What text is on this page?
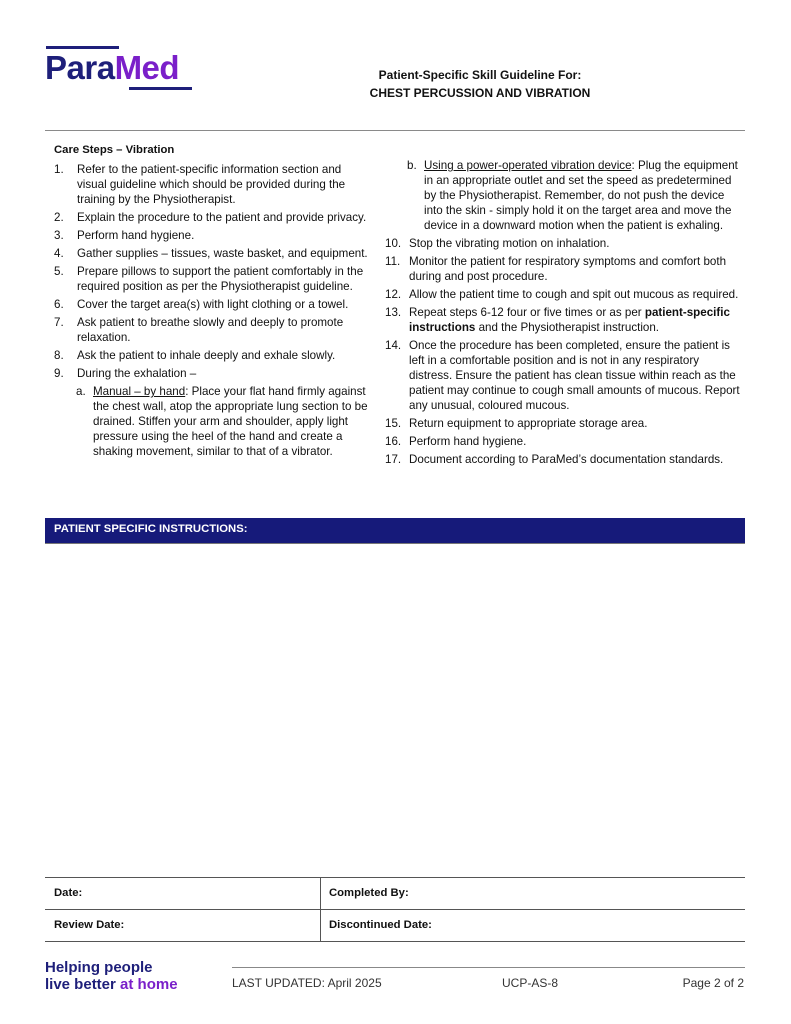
ParaMed	Patient-Specific Skill Guideline For:
CHEST PERCUSSION AND VIBRATION
Care Steps – Vibration
1.	Refer to the patient-specific information section and visual guideline which should be provided during the training by the Physiotherapist.
2.	Explain the procedure to the patient and provide privacy.
3.	Perform hand hygiene.
4.	Gather supplies – tissues, waste basket, and equipment.
5.	Prepare pillows to support the patient comfortably in the required position as per the Physiotherapist guideline.
6.	Cover the target area(s) with light clothing or a towel.
7.	Ask patient to breathe slowly and deeply to promote relaxation.
8.	Ask the patient to inhale deeply and exhale slowly.
9.	During the exhalation –
a. Manual – by hand: Place your flat hand firmly against the chest wall, atop the appropriate lung section to be drained. Stiffen your arm and shoulder, apply light pressure using the heel of the hand and create a shaking movement, similar to that of a vibrator.
b. Using a power-operated vibration device: Plug the equipment in an appropriate outlet and set the speed as predetermined by the Physiotherapist. Remember, do not push the device into the skin - simply hold it on the target area and move the device in a downward motion when the patient is exhaling.
10. Stop the vibrating motion on inhalation.
11. Monitor the patient for respiratory symptoms and comfort both during and post procedure.
12. Allow the patient time to cough and spit out mucous as required.
13. Repeat steps 6-12 four or five times or as per patient-specific instructions and the Physiotherapist instruction.
14. Once the procedure has been completed, ensure the patient is left in a comfortable position and is not in any respiratory distress. Ensure the patient has clean tissue within reach as the patient may continue to cough small amounts of mucous. Report any unusual, coloured mucous.
15. Return equipment to appropriate storage area.
16. Perform hand hygiene.
17. Document according to ParaMed’s documentation standards.
PATIENT SPECIFIC INSTRUCTIONS:
Date:	Completed By:
Review Date:	Discontinued Date:
Helping people
live better at home	LAST UPDATED: April 2025	UCP-AS-8	Page 2 of 2
